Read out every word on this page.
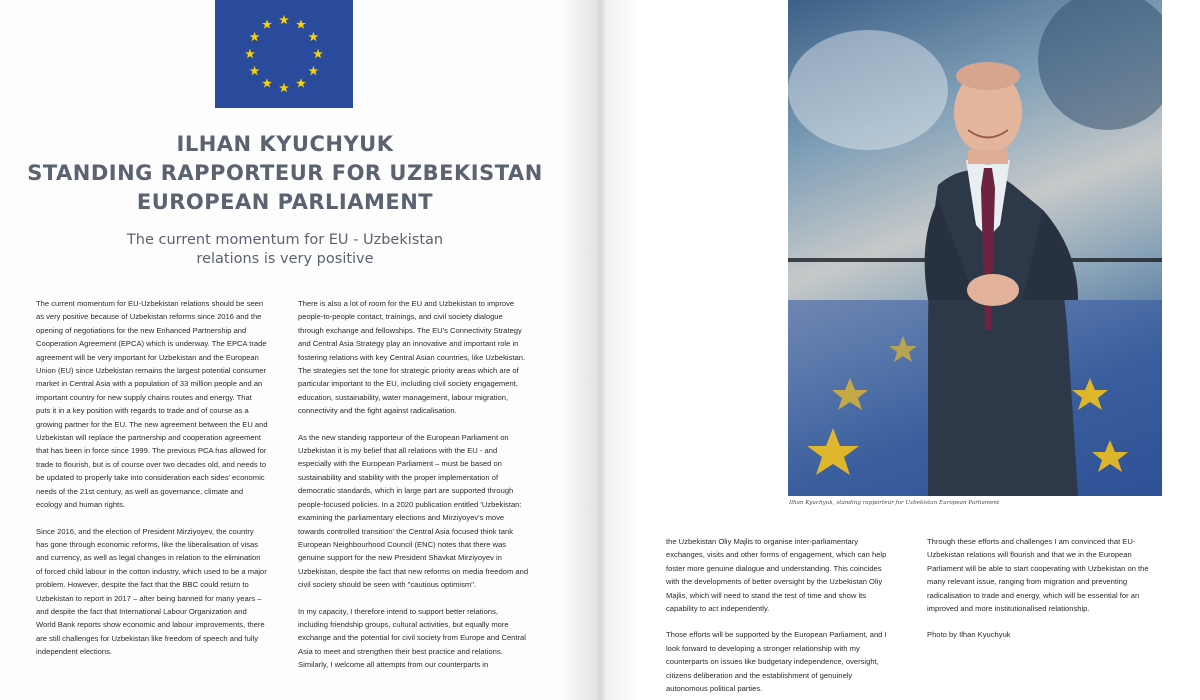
ILHAN KYUCHYUK
STANDING RAPPORTEUR FOR UZBEKISTAN
EUROPEAN PARLIAMENT
The current momentum for EU - Uzbekistan
relations is very positive

The current momentum for EU-Uzbekistan relations should be seen as very positive because of Uzbekistan reforms since 2016 and the opening of negotiations for the new Enhanced Partnership and Cooperation Agreement (EPCA) which is underway. The EPCA trade agreement will be very important for Uzbekistan and the European Union (EU) since Uzbekistan remains the largest potential consumer market in Central Asia with a population of 33 million people and an important country for new supply chains routes and energy. That puts it in a key position with regards to trade and of course as a growing partner for the EU. The new agreement between the EU and Uzbekistan will replace the partnership and cooperation agreement that has been in force since 1999. The previous PCA has allowed for trade to flourish, but is of course over two decades old, and needs to be updated to properly take into consideration each sides' economic needs of the 21st century, as well as governance, climate and ecology and human rights.

Since 2016, and the election of President Mirziyoyev, the country has gone through economic reforms, like the liberalisation of visas and currency, as well as legal changes in relation to the elimination of forced child labour in the cotton industry, which used to be a major problem. However, despite the fact that the BBC could return to Uzbekistan to report in 2017 – after being banned for many years – and despite the fact that International Labour Organization and World Bank reports show economic and labour improvements, there are still challenges for Uzbekistan like freedom of speech and fully independent elections.

There is also a lot of room for the EU and Uzbekistan to improve people-to-people contact, trainings, and civil society dialogue through exchange and fellowships. The EU's Connectivity Strategy and Central Asia Strategy play an innovative and important role in fostering relations with key Central Asian countries, like Uzbekistan. The strategies set the tone for strategic priority areas which are of particular important to the EU, including civil society engagement, education, sustainability, water management, labour migration, connectivity and the fight against radicalisation.

As the new standing rapporteur of the European Parliament on Uzbekistan it is my belief that all relations with the EU - and especially with the European Parliament – must be based on sustainability and stability with the proper implementation of democratic standards, which in large part are supported through people-focused policies. In a 2020 publication entitled 'Uzbekistan: examining the parliamentary elections and Mirziyoyev's move towards controlled transition' the Central Asia focused think tank European Neighbourhood Council (ENC) notes that there was genuine support for the new President Shavkat Mirziyoyev in Uzbekistan, despite the fact that new reforms on media freedom and civil society should be seen with "cautious optimism".

In my capacity, I therefore intend to support better relations, including friendship groups, cultural activities, but equally more exchange and the potential for civil society from Europe and Central Asia to meet and strengthen their best practice and relations. Similarly, I welcome all attempts from our counterparts in

Ilhan Kyuchyuk, standing rapporteur for Uzbekistan European Parliament

the Uzbekistan Oliy Majlis to organise inter-parliamentary exchanges, visits and other forms of engagement, which can help foster more genuine dialogue and understanding. This coincides with the developments of better oversight by the Uzbekistan Oliy Majlis, which will need to stand the test of time and show its capability to act independently.

Those efforts will be supported by the European Parliament, and I look forward to developing a stronger relationship with my counterparts on issues like budgetary independence, oversight, citizens deliberation and the establishment of genuinely autonomous political parties.

Through these efforts and challenges I am convinced that EU-Uzbekistan relations will flourish and that we in the European Parliament will be able to start cooperating with Uzbekistan on the many relevant issue, ranging from migration and preventing radicalisation to trade and energy, which will be essential for an improved and more institutionalised relationship.

Photo by Ilhan Kyuchyuk
